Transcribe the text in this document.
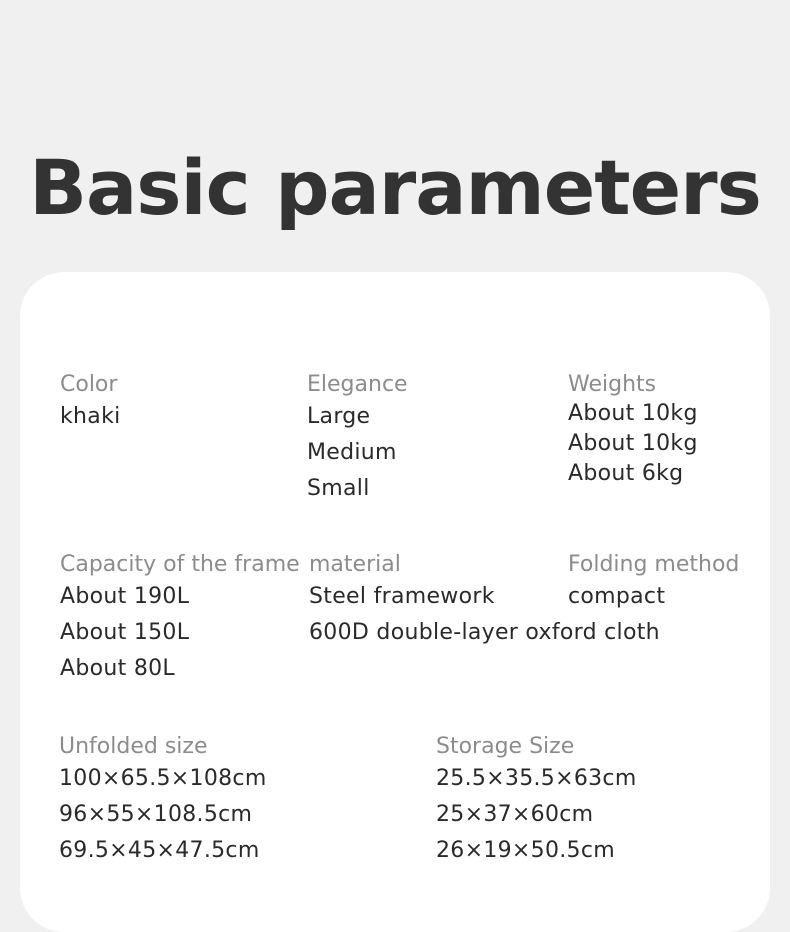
Basic parameters
Color
khaki
Elegance
Large
Medium
Small
Weights
About 10kg
About 10kg
About 6kg
Capacity of the frame
About 190L
About 150L
About 80L
material
Steel framework
600D double-layer oxford cloth
Folding method
compact
Unfolded size
100×65.5×108cm
96×55×108.5cm
69.5×45×47.5cm
Storage Size
25.5×35.5×63cm
25×37×60cm
26×19×50.5cm
